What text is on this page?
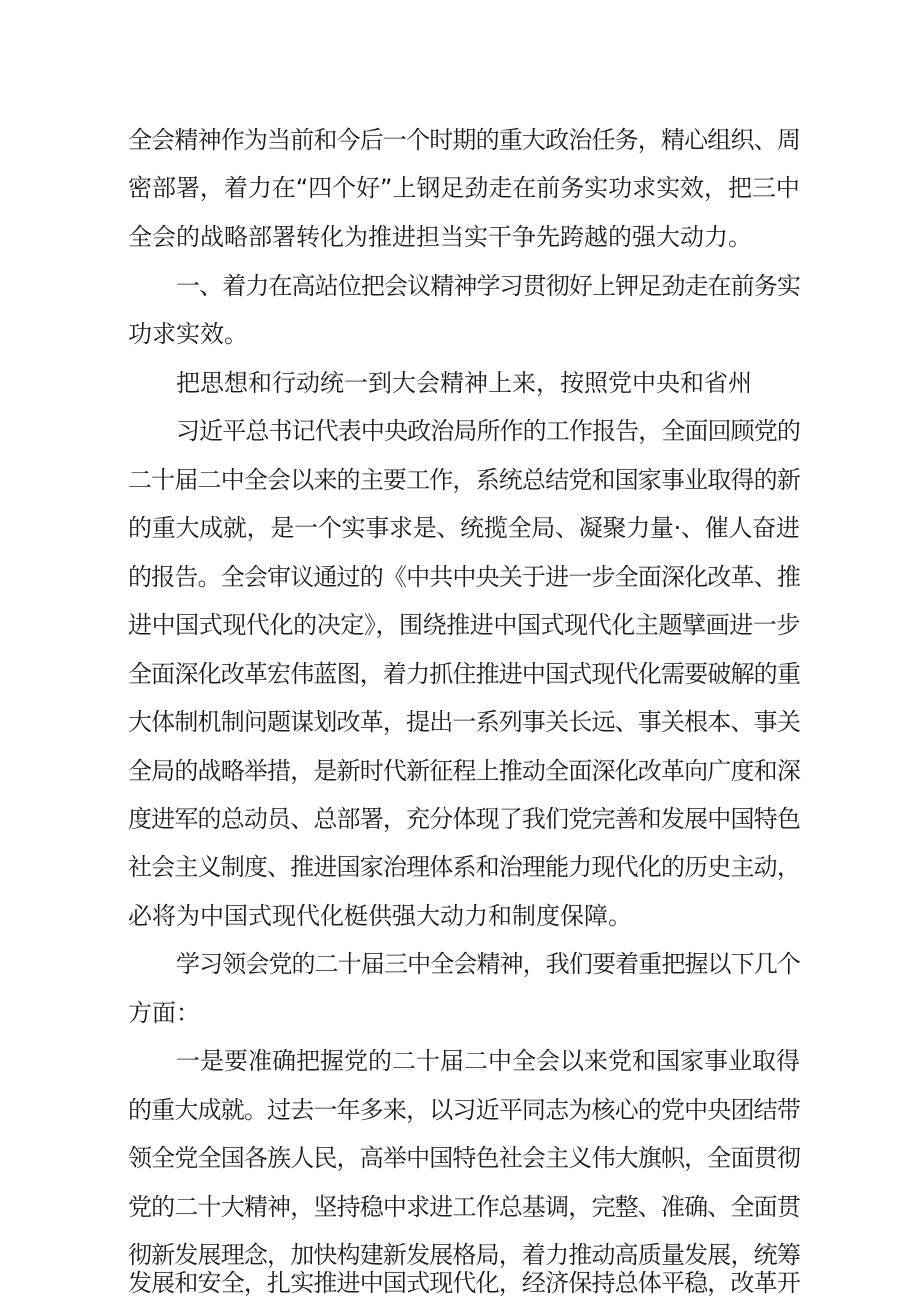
全会精神作为当前和今后一个时期的重大政治任务，精心组织、周
密部署，着力在“四个好”上钢足劲走在前务实功求实效，把三中
全会的战略部署转化为推进担当实干争先跨越的强大动力。
一、着力在高站位把会议精神学习贯彻好上钾足劲走在前务实
功求实效。
把思想和行动统一到大会精神上来，按照党中央和省州
习近平总书记代表中央政治局所作的工作报告，全面回顾党的
二十届二中全会以来的主要工作，系统总结党和国家事业取得的新
的重大成就，是一个实事求是、统揽全局、凝聚力量·、催人奋进
的报告。全会审议通过的《中共中央关于进一步全面深化改革、推
进中国式现代化的决定》，围绕推进中国式现代化主题擘画进一步
全面深化改革宏伟蓝图，着力抓住推进中国式现代化需要破解的重
大体制机制问题谋划改革，提出一系列事关长远、事关根本、事关
全局的战略举措，是新时代新征程上推动全面深化改革向广度和深
度进军的总动员、总部署，充分体现了我们党完善和发展中国特色
社会主义制度、推进国家治理体系和治理能力现代化的历史主动，
必将为中国式现代化梃供强大动力和制度保障。
学习领会党的二十届三中全会精神，我们要着重把握以下几个
方面：
一是要准确把握党的二十届二中全会以来党和国家事业取得
的重大成就。过去一年多来，以习近平同志为核心的党中央团结带
领全党全国各族人民，高举中国特色社会主义伟大旗帜，全面贯彻
党的二十大精神，坚持稳中求进工作总基调，完整、准确、全面贯
彻新发展理念，加快构建新发展格局，着力推动高质量发展，统筹
发展和安全，扎实推进中国式现代化，经济保持总体平稳，改革开
